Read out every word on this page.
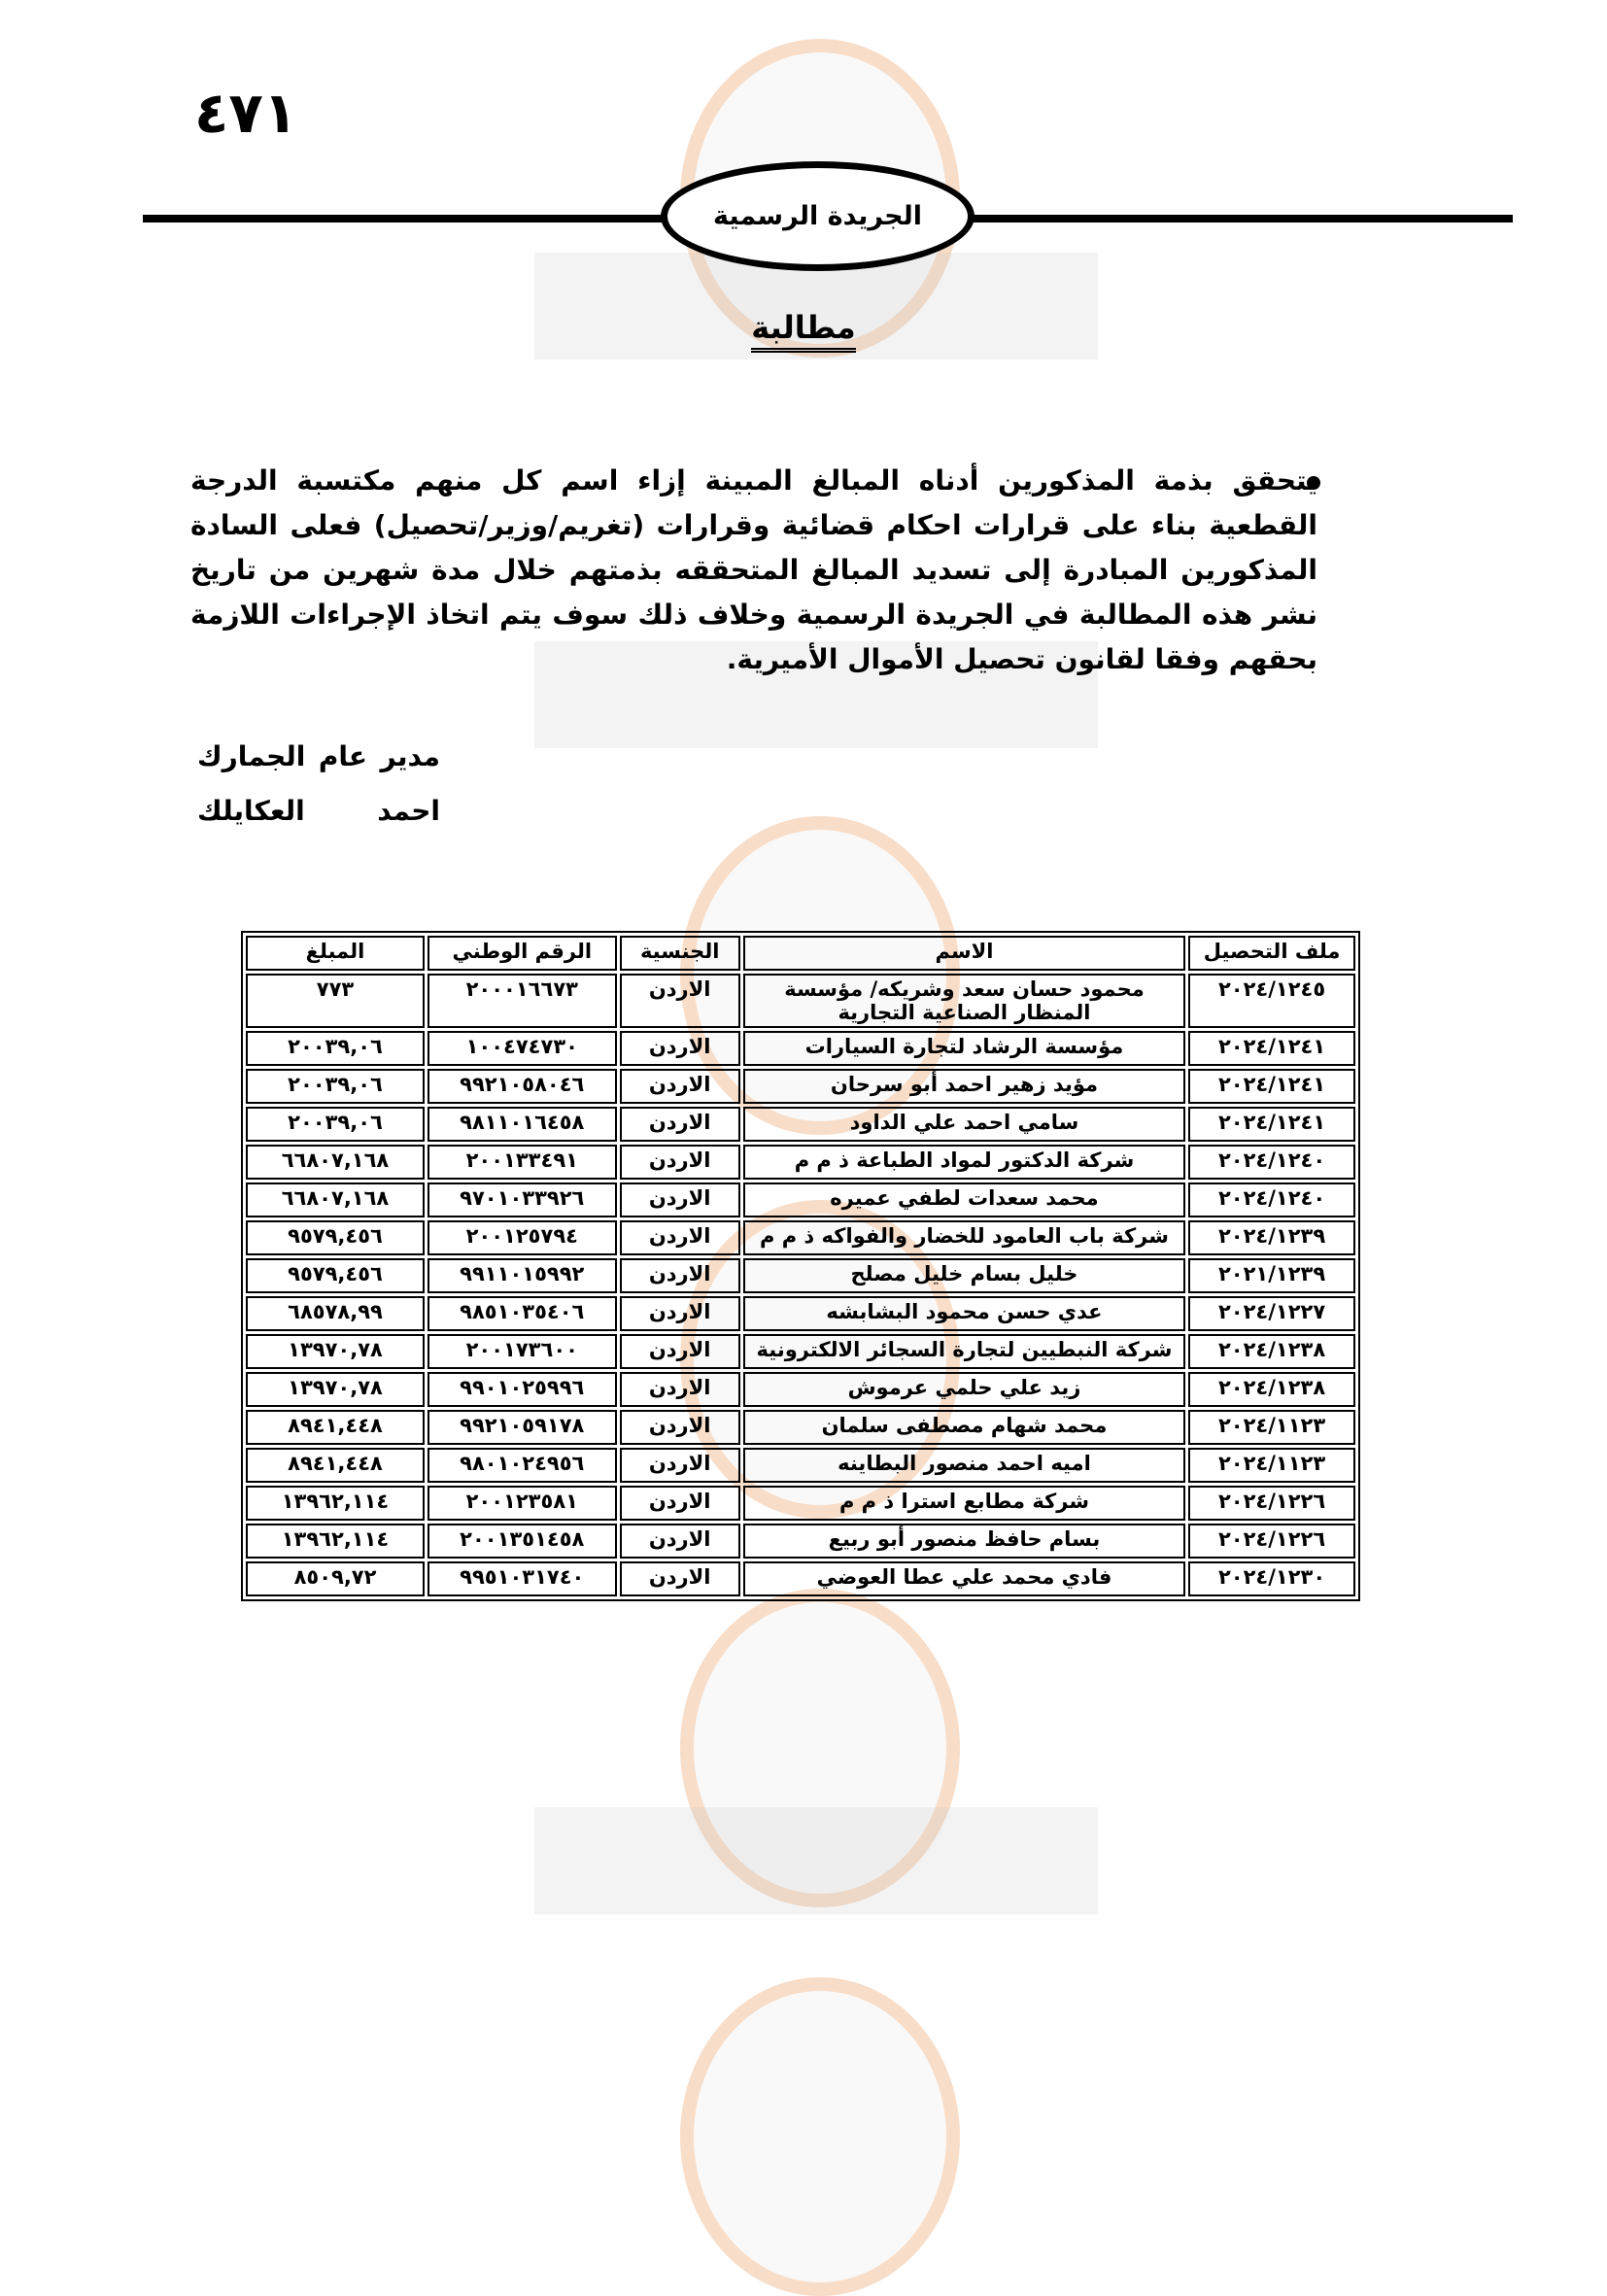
٤٧١
الجريدة الرسمية
مطالبة
يتحقق بذمة المذكورين أدناه المبالغ المبينة إزاء اسم كل منهم مكتسبة الدرجة القطعية بناء على قرارات احكام قضائية وقرارات (تغريم/وزير/تحصيل) فعلى السادة المذكورين المبادرة إلى تسديد المبالغ المتحققه بذمتهم خلال مدة شهرين من تاريخ نشر هذه المطالبة في الجريدة الرسمية وخلاف ذلك سوف يتم اتخاذ الإجراءات اللازمة بحقهم وفقا لقانون تحصيل الأموال الأميرية.
مدير عام الجمارك
احمد العكايلك
ملف التحصيل	الاسم	الجنسية	الرقم الوطني	المبلغ
٢٠٢٤/١٢٤٥	محمود حسان سعد وشريكه/ مؤسسة المنظار الصناعية التجارية	الاردن	٢٠٠٠١٦٦٧٣	٧٧٣
٢٠٢٤/١٢٤١	مؤسسة الرشاد لتجارة السيارات	الاردن	١٠٠٤٧٤٧٣٠	٢٠٠٣٩,٠٦
٢٠٢٤/١٢٤١	مؤيد زهير احمد أبو سرحان	الاردن	٩٩٢١٠٥٨٠٤٦	٢٠٠٣٩,٠٦
٢٠٢٤/١٢٤١	سامي احمد علي الداود	الاردن	٩٨١١٠١٦٤٥٨	٢٠٠٣٩,٠٦
٢٠٢٤/١٢٤٠	شركة الدكتور لمواد الطباعة ذ م م	الاردن	٢٠٠١٣٣٤٩١	٦٦٨٠٧,١٦٨
٢٠٢٤/١٢٤٠	محمد سعدات لطفي عميره	الاردن	٩٧٠١٠٣٣٩٢٦	٦٦٨٠٧,١٦٨
٢٠٢٤/١٢٣٩	شركة باب العامود للخضار والفواكه ذ م م	الاردن	٢٠٠١٢٥٧٩٤	٩٥٧٩,٤٥٦
٢٠٢١/١٢٣٩	خليل بسام خليل مصلح	الاردن	٩٩١١٠١٥٩٩٢	٩٥٧٩,٤٥٦
٢٠٢٤/١٢٢٧	عدي حسن محمود البشابشه	الاردن	٩٨٥١٠٣٥٤٠٦	٦٨٥٧٨,٩٩
٢٠٢٤/١٢٣٨	شركة النبطيين لتجارة السجائر الالكترونية	الاردن	٢٠٠١٧٣٦٠٠	١٣٩٧٠,٧٨
٢٠٢٤/١٢٣٨	زيد علي حلمي عرموش	الاردن	٩٩٠١٠٢٥٩٩٦	١٣٩٧٠,٧٨
٢٠٢٤/١١٢٣	محمد شهام مصطفى سلمان	الاردن	٩٩٢١٠٥٩١٧٨	٨٩٤١,٤٤٨
٢٠٢٤/١١٢٣	اميه احمد منصور البطاينه	الاردن	٩٨٠١٠٢٤٩٥٦	٨٩٤١,٤٤٨
٢٠٢٤/١٢٢٦	شركة مطابع استرا ذ م م	الاردن	٢٠٠١٢٣٥٨١	١٣٩٦٢,١١٤
٢٠٢٤/١٢٢٦	بسام حافظ منصور أبو ربيع	الاردن	٢٠٠١٣٥١٤٥٨	١٣٩٦٢,١١٤
٢٠٢٤/١٢٣٠	فادي محمد علي عطا العوضي	الاردن	٩٩٥١٠٣١٧٤٠	٨٥٠٩,٧٢
